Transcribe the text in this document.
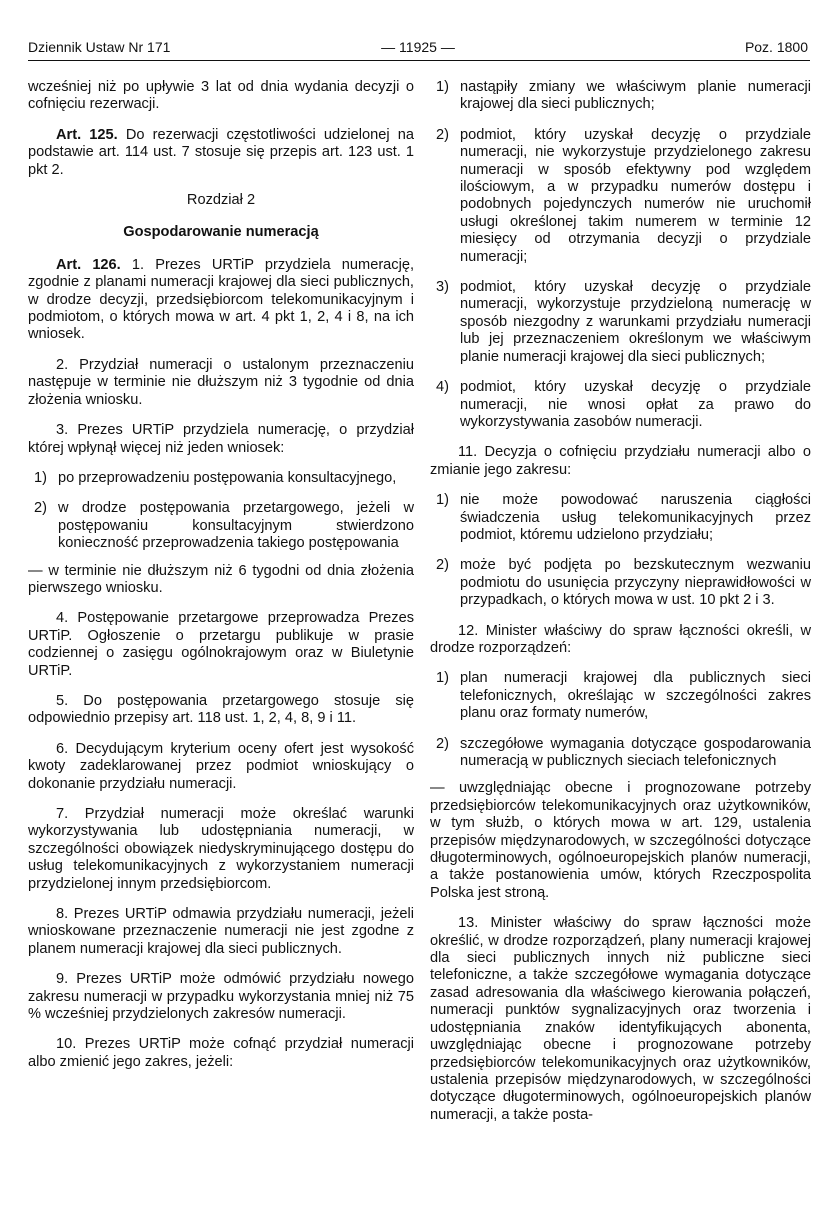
— 11925 —
Dziennik Ustaw Nr 171	Poz. 1800

wcześniej niż po upływie 3 lat od dnia wydania decyzji o cofnięciu rezerwacji.

Art. 125. Do rezerwacji częstotliwości udzielonej na podstawie art. 114 ust. 7 stosuje się przepis art. 123 ust. 1 pkt 2.

Rozdział 2
Gospodarowanie numeracją

Art. 126. 1. Prezes URTiP przydziela numerację, zgodnie z planami numeracji krajowej dla sieci publicznych, w drodze decyzji, przedsiębiorcom telekomunikacyjnym i podmiotom, o których mowa w art. 4 pkt 1, 2, 4 i 8, na ich wniosek.

2. Przydział numeracji o ustalonym przeznaczeniu następuje w terminie nie dłuższym niż 3 tygodnie od dnia złożenia wniosku.

3. Prezes URTiP przydziela numerację, o przydział której wpłynął więcej niż jeden wniosek:

1) po przeprowadzeniu postępowania konsultacyjnego,
2) w drodze postępowania przetargowego, jeżeli w postępowaniu konsultacyjnym stwierdzono konieczność przeprowadzenia takiego postępowania

— w terminie nie dłuższym niż 6 tygodni od dnia złożenia pierwszego wniosku.

4. Postępowanie przetargowe przeprowadza Prezes URTiP. Ogłoszenie o przetargu publikuje w prasie codziennej o zasięgu ogólnokrajowym oraz w Biuletynie URTiP.

5. Do postępowania przetargowego stosuje się odpowiednio przepisy art. 118 ust. 1, 2, 4, 8, 9 i 11.

6. Decydującym kryterium oceny ofert jest wysokość kwoty zadeklarowanej przez podmiot wnioskujący o dokonanie przydziału numeracji.

7. Przydział numeracji może określać warunki wykorzystywania lub udostępniania numeracji, w szczególności obowiązek niedyskryminującego dostępu do usług telekomunikacyjnych z wykorzystaniem numeracji przydzielonej innym przedsiębiorcom.

8. Prezes URTiP odmawia przydziału numeracji, jeżeli wnioskowane przeznaczenie numeracji nie jest zgodne z planem numeracji krajowej dla sieci publicznych.

9. Prezes URTiP może odmówić przydziału nowego zakresu numeracji w przypadku wykorzystania mniej niż 75 % wcześniej przydzielonych zakresów numeracji.

10. Prezes URTiP może cofnąć przydział numeracji albo zmienić jego zakres, jeżeli:

1) nastąpiły zmiany we właściwym planie numeracji krajowej dla sieci publicznych;
2) podmiot, który uzyskał decyzję o przydziale numeracji, nie wykorzystuje przydzielonego zakresu numeracji w sposób efektywny pod względem ilościowym, a w przypadku numerów dostępu i podobnych pojedynczych numerów nie uruchomił usługi określonej takim numerem w terminie 12 miesięcy od otrzymania decyzji o przydziale numeracji;
3) podmiot, który uzyskał decyzję o przydziale numeracji, wykorzystuje przydzieloną numerację w sposób niezgodny z warunkami przydziału numeracji lub jej przeznaczeniem określonym we właściwym planie numeracji krajowej dla sieci publicznych;
4) podmiot, który uzyskał decyzję o przydziale numeracji, nie wnosi opłat za prawo do wykorzystywania zasobów numeracji.

11. Decyzja o cofnięciu przydziału numeracji albo o zmianie jego zakresu:

1) nie może powodować naruszenia ciągłości świadczenia usług telekomunikacyjnych przez podmiot, któremu udzielono przydziału;
2) może być podjęta po bezskutecznym wezwaniu podmiotu do usunięcia przyczyny nieprawidłowości w przypadkach, o których mowa w ust. 10 pkt 2 i 3.

12. Minister właściwy do spraw łączności określi, w drodze rozporządzeń:

1) plan numeracji krajowej dla publicznych sieci telefonicznych, określając w szczególności zakres planu oraz formaty numerów,
2) szczegółowe wymagania dotyczące gospodarowania numeracją w publicznych sieciach telefonicznych

— uwzględniając obecne i prognozowane potrzeby przedsiębiorców telekomunikacyjnych oraz użytkowników, w tym służb, o których mowa w art. 129, ustalenia przepisów międzynarodowych, w szczególności dotyczące długoterminowych, ogólnoeuropejskich planów numeracji, a także postanowienia umów, których Rzeczpospolita Polska jest stroną.

13. Minister właściwy do spraw łączności może określić, w drodze rozporządzeń, plany numeracji krajowej dla sieci publicznych innych niż publiczne sieci telefoniczne, a także szczegółowe wymagania dotyczące zasad adresowania dla właściwego kierowania połączeń, numeracji punktów sygnalizacyjnych oraz tworzenia i udostępniania znaków identyfikujących abonenta, uwzględniając obecne i prognozowane potrzeby przedsiębiorców telekomunikacyjnych oraz użytkowników, ustalenia przepisów międzynarodowych, w szczególności dotyczące długoterminowych, ogólnoeuropejskich planów numeracji, a także posta-
